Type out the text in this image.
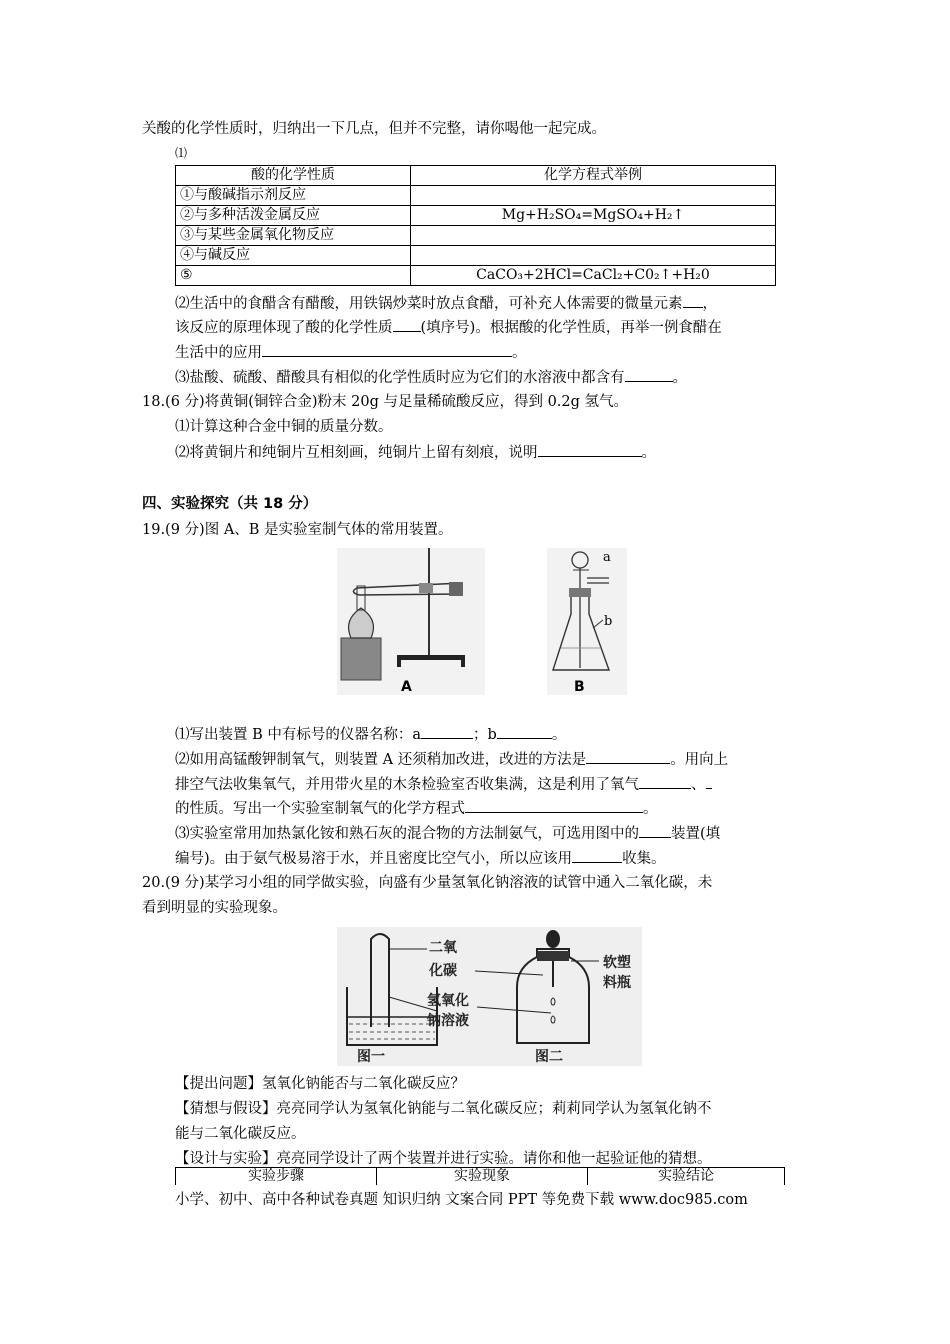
关酸的化学性质时，归纳出一下几点，但并不完整，请你喝他一起完成。
⑴
酸的化学性质	化学方程式举例
①与酸碱指示剂反应	
②与多种活泼金属反应	Mg+H₂SO₄=MgSO₄+H₂↑
③与某些金属氧化物反应	
④与碱反应	
⑤	CaCO₃+2HCl=CaCl₂+C0₂↑+H₂0
⑵生活中的食醋含有醋酸，用铁锅炒菜时放点食醋，可补充人体需要的微量元素 ，
该反应的原理体现了酸的化学性质 (填序号)。根据酸的化学性质，再举一例食醋在
生活中的应用	。
⑶盐酸、硫酸、醋酸具有相似的化学性质时应为它们的水溶液中都含有	。
18.(6 分)将黄铜(铜锌合金)粉末 20g 与足量稀硫酸反应，得到 0.2g 氢气。
⑴计算这种合金中铜的质量分数。
⑵将黄铜片和纯铜片互相刻画，纯铜片上留有刻痕，说明	。
四、实验探究（共 18 分）
19.(9 分)图 A、B 是实验室制气体的常用装置。
A
a
b
B
⑴写出装置 B 中有标号的仪器名称：a	；b	。
⑵如用高锰酸钾制氧气，则装置 A 还须稍加改进，改进的方法是	。用向上
排空气法收集氧气，并用带火星的木条检验室否收集满，这是利用了氧气	、
的性质。写出一个实验室制氧气的化学方程式	。
⑶实验室常用加热氯化铵和熟石灰的混合物的方法制氨气，可选用图中的 装置(填
编号)。由于氨气极易溶于水，并且密度比空气小，所以应该用	收集。
20.(9 分)某学习小组的同学做实验，向盛有少量氢氧化钠溶液的试管中通入二氧化碳，未
看到明显的实验现象。
二氧
化碳
氢氧化
钠溶液
软塑
料瓶
图一	图二
【提出问题】氢氧化钠能否与二氧化碳反应？
【猜想与假设】亮亮同学认为氢氧化钠能与二氧化碳反应；莉莉同学认为氢氧化钠不
能与二氧化碳反应。
【设计与实验】亮亮同学设计了两个装置并进行实验。请你和他一起验证他的猜想。
实验步骤	实验现象	实验结论
小学、初中、高中各种试卷真题 知识归纳 文案合同 PPT 等免费下载 www.doc985.com
